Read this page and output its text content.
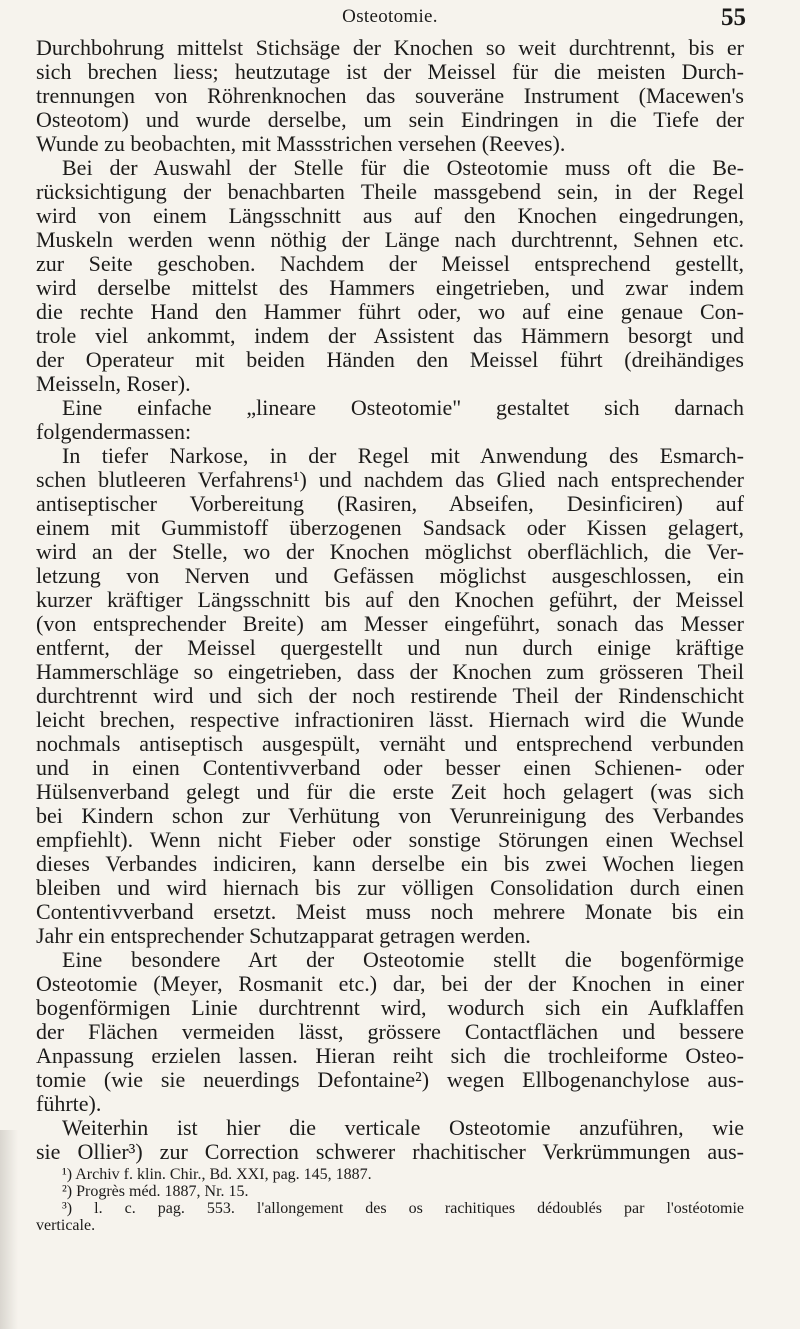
Osteotomie.	55
Durchbohrung mittelst Stichsäge der Knochen so weit durchtrennt, bis er
sich brechen liess; heutzutage ist der Meissel für die meisten Durch-
trennungen von Röhrenknochen das souveräne Instrument (Macewen's
Osteotom) und wurde derselbe, um sein Eindringen in die Tiefe der
Wunde zu beobachten, mit Massstrichen versehen (Reeves).
Bei der Auswahl der Stelle für die Osteotomie muss oft die Be-
rücksichtigung der benachbarten Theile massgebend sein, in der Regel
wird von einem Längsschnitt aus auf den Knochen eingedrungen,
Muskeln werden wenn nöthig der Länge nach durchtrennt, Sehnen etc.
zur Seite geschoben. Nachdem der Meissel entsprechend gestellt,
wird derselbe mittelst des Hammers eingetrieben, und zwar indem
die rechte Hand den Hammer führt oder, wo auf eine genaue Con-
trole viel ankommt, indem der Assistent das Hämmern besorgt und
der Operateur mit beiden Händen den Meissel führt (dreihändiges
Meisseln, Roser).
Eine einfache „lineare Osteotomie" gestaltet sich darnach
folgendermassen:
In tiefer Narkose, in der Regel mit Anwendung des Esmarch-
schen blutleeren Verfahrens¹) und nachdem das Glied nach entsprechender
antiseptischer Vorbereitung (Rasiren, Abseifen, Desinficiren) auf
einem mit Gummistoff überzogenen Sandsack oder Kissen gelagert,
wird an der Stelle, wo der Knochen möglichst oberflächlich, die Ver-
letzung von Nerven und Gefässen möglichst ausgeschlossen, ein
kurzer kräftiger Längsschnitt bis auf den Knochen geführt, der Meissel
(von entsprechender Breite) am Messer eingeführt, sonach das Messer
entfernt, der Meissel quergestellt und nun durch einige kräftige
Hammerschläge so eingetrieben, dass der Knochen zum grösseren Theil
durchtrennt wird und sich der noch restirende Theil der Rindenschicht
leicht brechen, respective infractioniren lässt. Hiernach wird die Wunde
nochmals antiseptisch ausgespült, vernäht und entsprechend verbunden
und in einen Contentivverband oder besser einen Schienen- oder
Hülsenverband gelegt und für die erste Zeit hoch gelagert (was sich
bei Kindern schon zur Verhütung von Verunreinigung des Verbandes
empfiehlt). Wenn nicht Fieber oder sonstige Störungen einen Wechsel
dieses Verbandes indiciren, kann derselbe ein bis zwei Wochen liegen
bleiben und wird hiernach bis zur völligen Consolidation durch einen
Contentivverband ersetzt. Meist muss noch mehrere Monate bis ein
Jahr ein entsprechender Schutzapparat getragen werden.
Eine besondere Art der Osteotomie stellt die bogenförmige
Osteotomie (Meyer, Rosmanit etc.) dar, bei der der Knochen in einer
bogenförmigen Linie durchtrennt wird, wodurch sich ein Aufklaffen
der Flächen vermeiden lässt, grössere Contactflächen und bessere
Anpassung erzielen lassen. Hieran reiht sich die trochleiforme Osteo-
tomie (wie sie neuerdings Defontaine²) wegen Ellbogenanchylose aus-
führte).
Weiterhin ist hier die verticale Osteotomie anzuführen, wie
sie Ollier³) zur Correction schwerer rhachitischer Verkrümmungen aus-
¹) Archiv f. klin. Chir., Bd. XXI, pag. 145, 1887.
²) Progrès méd. 1887, Nr. 15.
³) l. c. pag. 553. l'allongement des os rachitiques dédoublés par l'ostéotomie
verticale.
